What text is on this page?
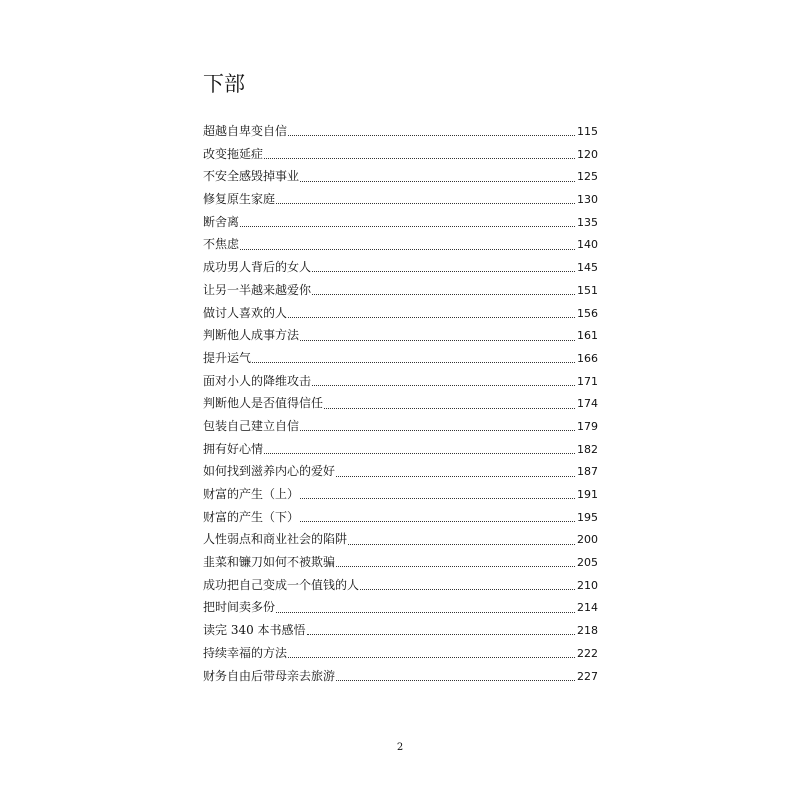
下部
超越自卑变自信	115
改变拖延症	120
不安全感毁掉事业	125
修复原生家庭	130
断舍离	135
不焦虑	140
成功男人背后的女人	145
让另一半越来越爱你	151
做讨人喜欢的人	156
判断他人成事方法	161
提升运气	166
面对小人的降维攻击	171
判断他人是否值得信任	174
包装自己建立自信	179
拥有好心情	182
如何找到滋养内心的爱好	187
财富的产生（上）	191
财富的产生（下）	195
人性弱点和商业社会的陷阱	200
韭菜和镰刀如何不被欺骗	205
成功把自己变成一个值钱的人	210
把时间卖多份	214
读完 340 本书感悟	218
持续幸福的方法	222
财务自由后带母亲去旅游	227
2
